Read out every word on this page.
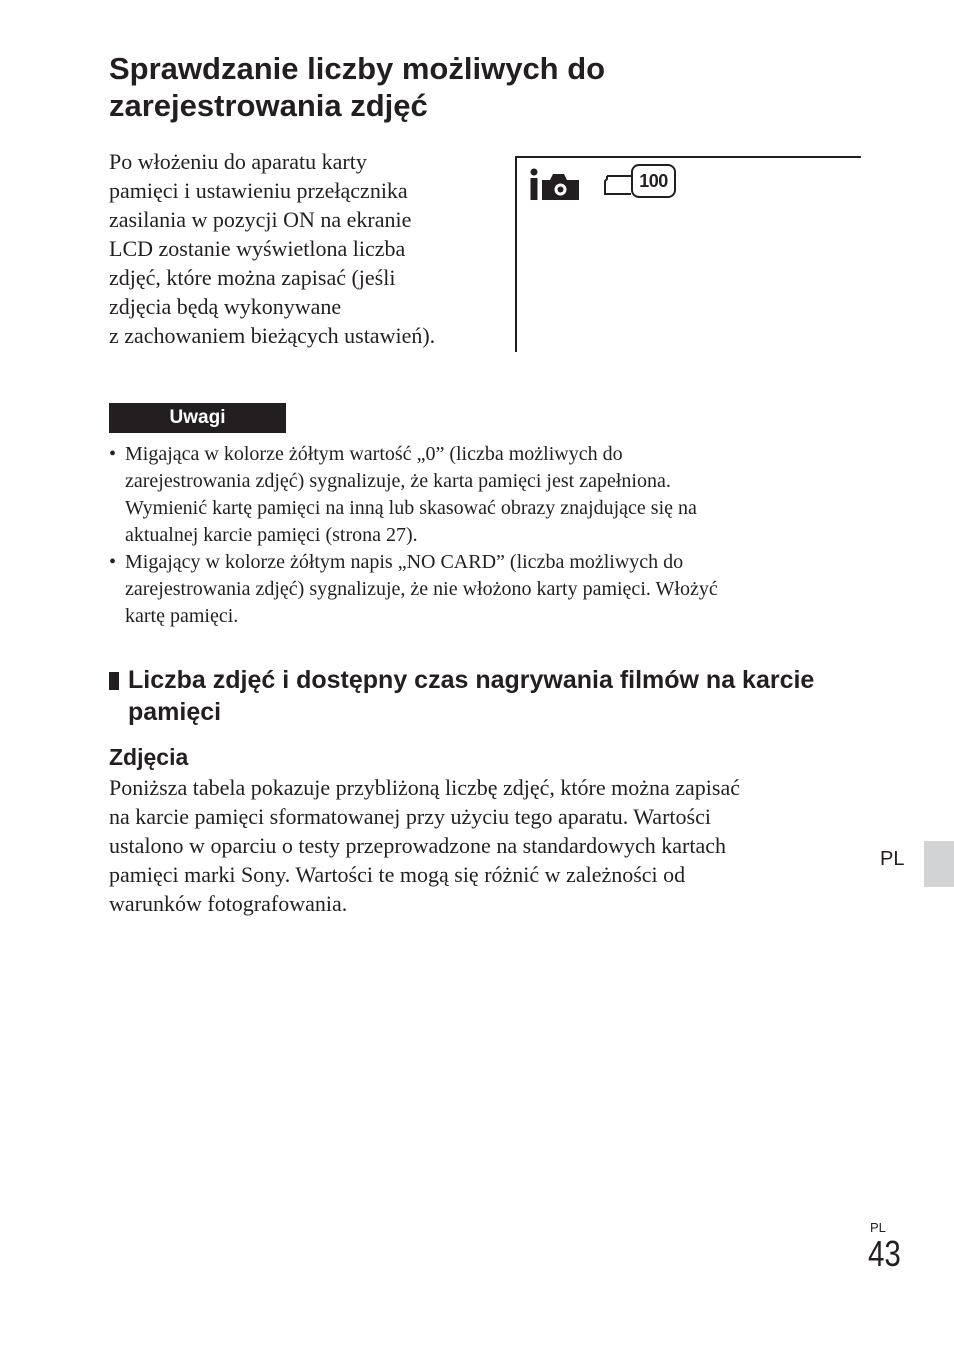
Sprawdzanie liczby możliwych do
zarejestrowania zdjęć

Po włożeniu do aparatu karty
pamięci i ustawieniu przełącznika
zasilania w pozycji ON na ekranie
LCD zostanie wyświetlona liczba
zdjęć, które można zapisać (jeśli
zdjęcia będą wykonywane
z zachowaniem bieżących ustawień).

100
Uwagi
• Migająca w kolorze żółtym wartość „0” (liczba możliwych do
zarejestrowania zdjęć) sygnalizuje, że karta pamięci jest zapełniona.
Wymienić kartę pamięci na inną lub skasować obrazy znajdujące się na
aktualnej karcie pamięci (strona 27).
• Migający w kolorze żółtym napis „NO CARD” (liczba możliwych do
zarejestrowania zdjęć) sygnalizuje, że nie włożono karty pamięci. Włożyć
kartę pamięci.
Liczba zdjęć i dostępny czas nagrywania filmów na karcie pamięci
Zdjęcia

Poniższa tabela pokazuje przybliżoną liczbę zdjęć, które można zapisać
na karcie pamięci sformatowanej przy użyciu tego aparatu. Wartości
ustalono w oparciu o testy przeprowadzone na standardowych kartach
pamięci marki Sony. Wartości te mogą się różnić w zależności od
warunków fotografowania.

PL
PL
43
